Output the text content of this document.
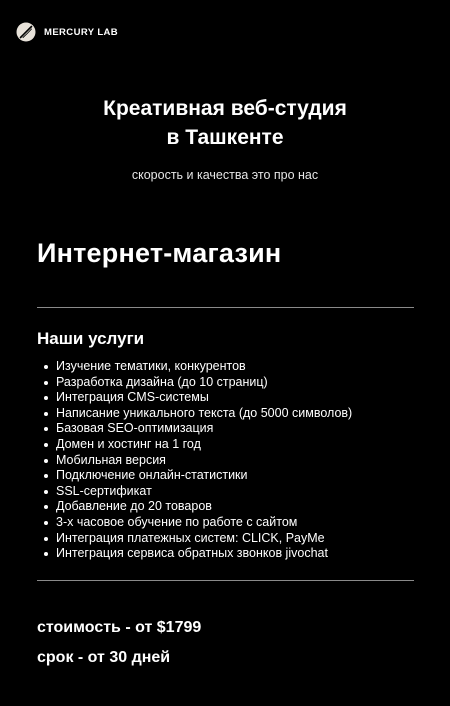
MERCURY LAB
Креативная веб-студия
в Ташкенте
скорость и качества это про нас
Интернет-магазин
Наши услуги
Изучение тематики, конкурентов
Разработка дизайна (до 10 страниц)
Интеграция CMS-системы
Написание уникального текста (до 5000 символов)
Базовая SEO-оптимизация
Домен и хостинг на 1 год
Мобильная версия
Подключение онлайн-статистики
SSL-сертификат
Добавление до 20 товаров
3-х часовое обучение по работе с сайтом
Интеграция платежных систем: CLICK, PayMe
Интеграция сервиса обратных звонков jivochat
стоимость - от $1799
срок - от 30 дней
